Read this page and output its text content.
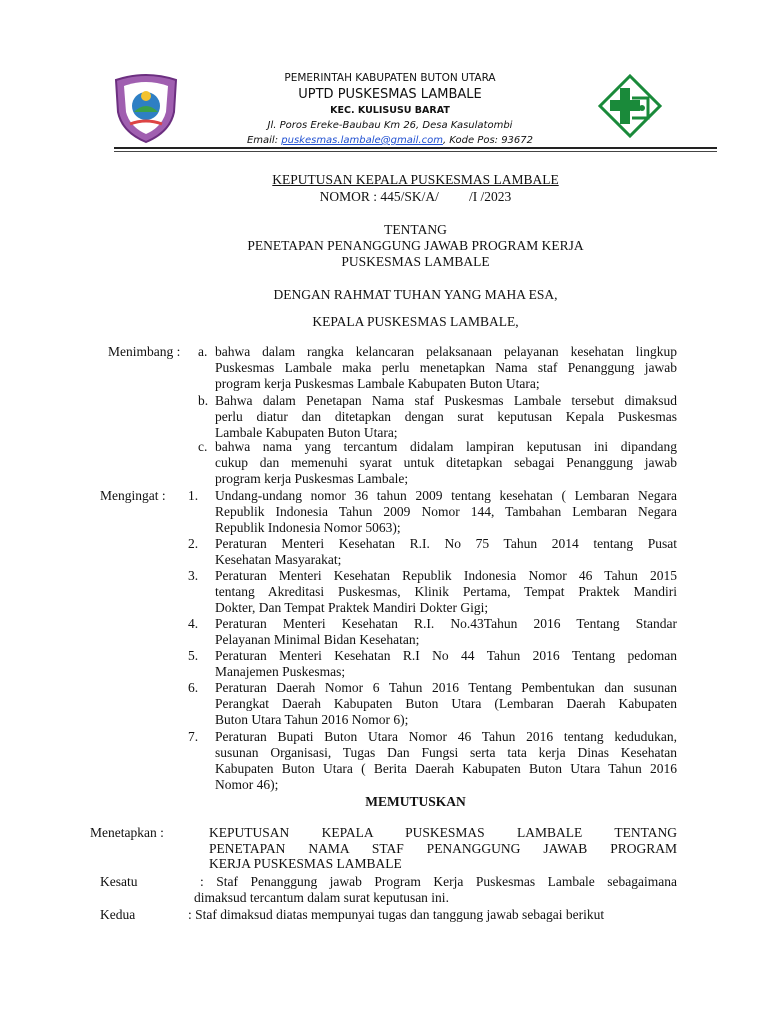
PEMERINTAH KABUPATEN BUTON UTARA
UPTD PUSKESMAS LAMBALE
KEC. KULISUSU BARAT
Jl. Poros Ereke-Baubau Km 26, Desa Kasulatombi
Email: puskesmas.lambale@gmail.com, Kode Pos: 93672
KEPUTUSAN KEPALA PUSKESMAS LAMBALE
NOMOR : 445/SK/A/ /I /2023
TENTANG
PENETAPAN PENANGGUNG JAWAB PROGRAM KERJA
PUSKESMAS LAMBALE
DENGAN RAHMAT TUHAN YANG MAHA ESA,
KEPALA PUSKESMAS LAMBALE,
Menimbang : a. bahwa dalam rangka kelancaran pelaksanaan pelayanan kesehatan lingkup
Puskesmas Lambale maka perlu menetapkan Nama staf Penanggung jawab
program kerja Puskesmas Lambale Kabupaten Buton Utara;
b. Bahwa dalam Penetapan Nama staf Puskesmas Lambale tersebut dimaksud
perlu diatur dan ditetapkan dengan surat keputusan Kepala Puskesmas
Lambale Kabupaten Buton Utara;
c. bahwa nama yang tercantum didalam lampiran keputusan ini dipandang
cukup dan memenuhi syarat untuk ditetapkan sebagai Penanggung jawab
program kerja Puskesmas Lambale;
Mengingat : 1. Undang-undang nomor 36 tahun 2009 tentang kesehatan ( Lembaran Negara
Republik Indonesia Tahun 2009 Nomor 144, Tambahan Lembaran Negara
Republik Indonesia Nomor 5063);
2. Peraturan Menteri Kesehatan R.I. No 75 Tahun 2014 tentang Pusat
Kesehatan Masyarakat;
3. Peraturan Menteri Kesehatan Republik Indonesia Nomor 46 Tahun 2015
tentang Akreditasi Puskesmas, Klinik Pertama, Tempat Praktek Mandiri
Dokter, Dan Tempat Praktek Mandiri Dokter Gigi;
4. Peraturan Menteri Kesehatan R.I. No.43Tahun 2016 Tentang Standar
Pelayanan Minimal Bidan Kesehatan;
5. Peraturan Menteri Kesehatan R.I No 44 Tahun 2016 Tentang pedoman
Manajemen Puskesmas;
6. Peraturan Daerah Nomor 6 Tahun 2016 Tentang Pembentukan dan susunan
Perangkat Daerah Kabupaten Buton Utara (Lembaran Daerah Kabupaten
Buton Utara Tahun 2016 Nomor 6);
7. Peraturan Bupati Buton Utara Nomor 46 Tahun 2016 tentang kedudukan,
susunan Organisasi, Tugas Dan Fungsi serta tata kerja Dinas Kesehatan
Kabupaten Buton Utara ( Berita Daerah Kabupaten Buton Utara Tahun 2016
Nomor 46);
MEMUTUSKAN
Menetapkan :	KEPUTUSAN KEPALA PUSKESMAS LAMBALE TENTANG
PENETAPAN NAMA STAF PENANGGUNG JAWAB PROGRAM
KERJA PUSKESMAS LAMBALE
Kesatu	: Staf Penanggung jawab Program Kerja Puskesmas Lambale sebagaimana
dimaksud tercantum dalam surat keputusan ini.
Kedua	: Staf dimaksud diatas mempunyai tugas dan tanggung jawab sebagai berikut
